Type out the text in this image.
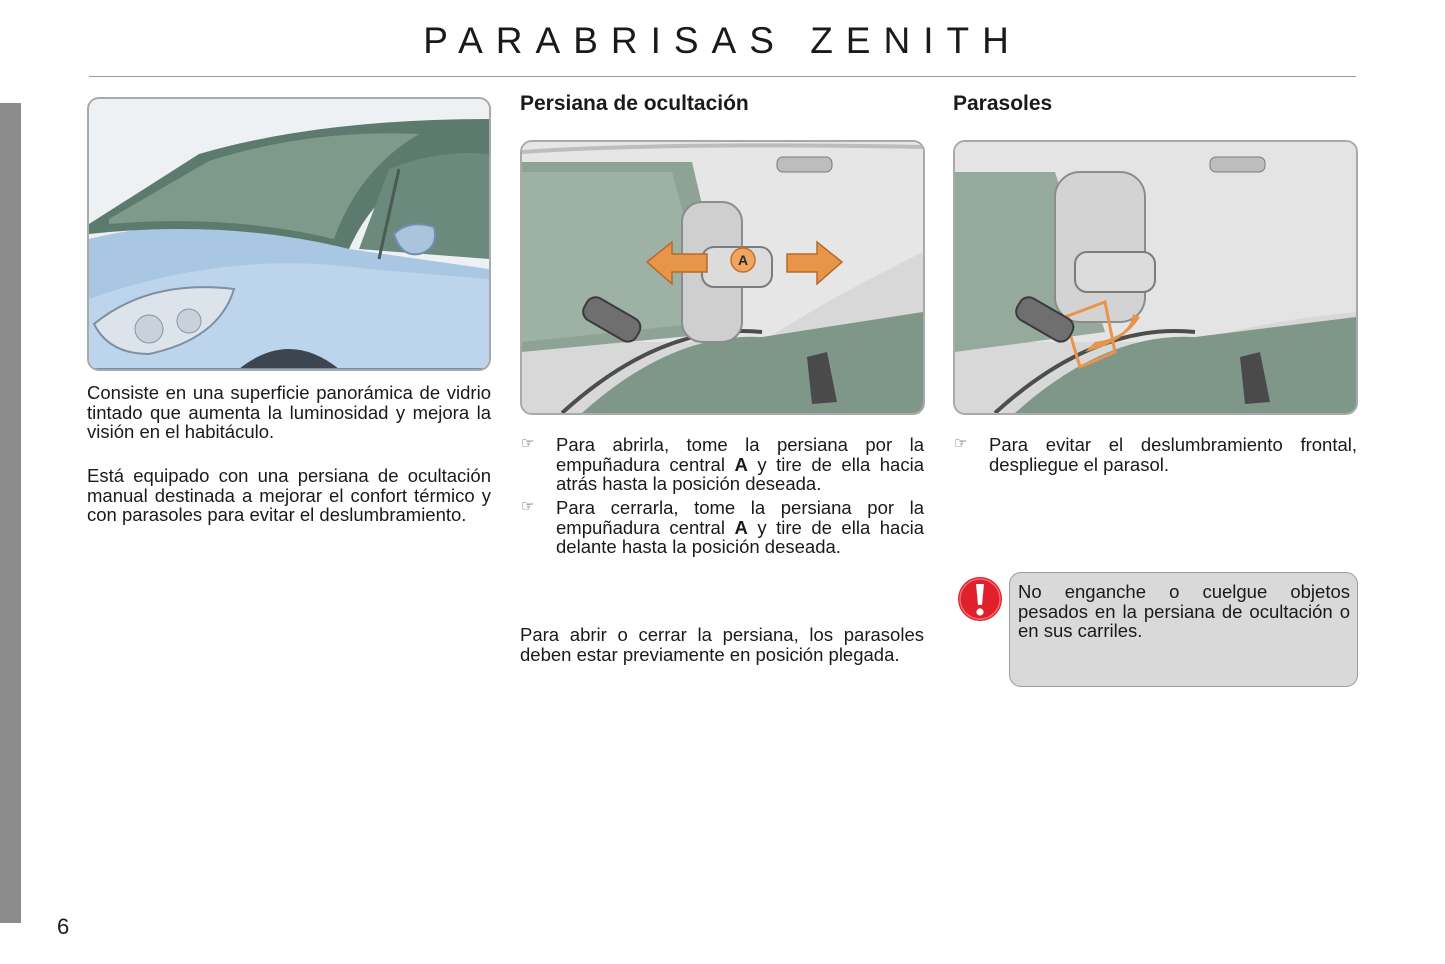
PARABRISAS ZENITH
Consiste en una superficie panorámica de vidrio tintado que aumenta la luminosidad y mejora la visión en el habitáculo.
Está equipado con una persiana de ocultación manual destinada a mejorar el confort térmico y con parasoles para evitar el deslumbramiento.
Persiana de ocultación
A
☞ Para abrirla, tome la persiana por la empuñadura central A y tire de ella hacia atrás hasta la posición deseada.
☞ Para cerrarla, tome la persiana por la empuñadura central A y tire de ella hacia delante hasta la posición deseada.
Para abrir o cerrar la persiana, los parasoles deben estar previamente en posición plegada.
Parasoles
☞ Para evitar el deslumbramiento frontal, despliegue el parasol.
No enganche o cuelgue objetos pesados en la persiana de ocultación o en sus carriles.
6
